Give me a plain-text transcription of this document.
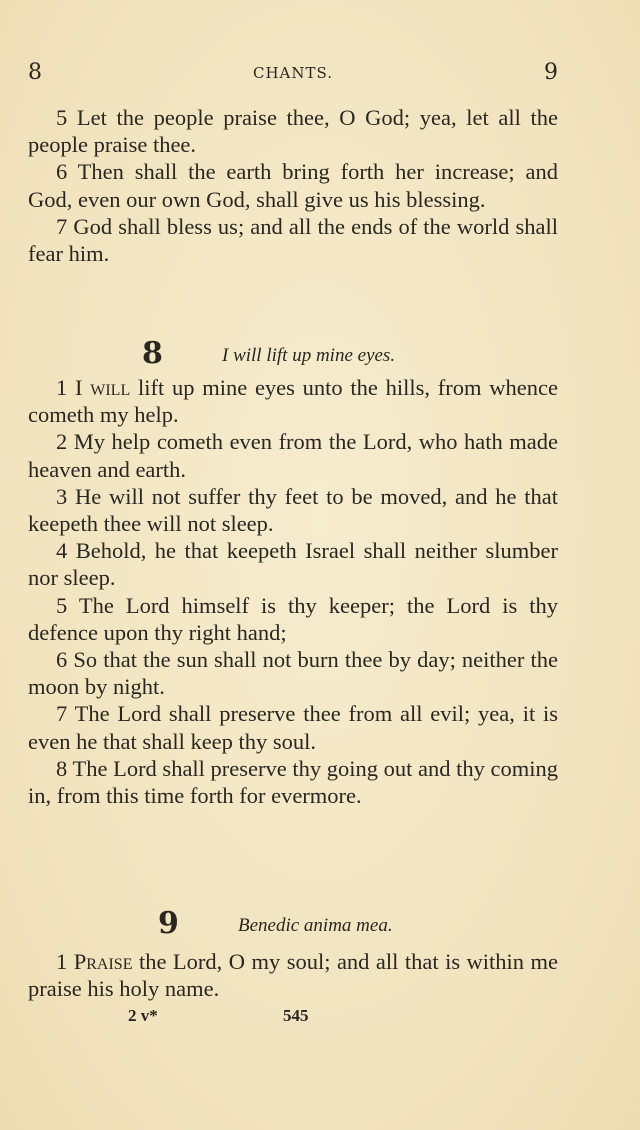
8	CHANTS.	9

5 Let the people praise thee, O God; yea, let all the people praise thee.

6 Then shall the earth bring forth her increase; and God, even our own God, shall give us his blessing.

7 God shall bless us; and all the ends of the world shall fear him.

8	I will lift up mine eyes.

1 I will lift up mine eyes unto the hills, from whence cometh my help.

2 My help cometh even from the Lord, who hath made heaven and earth.

3 He will not suffer thy feet to be moved, and he that keepeth thee will not sleep.

4 Behold, he that keepeth Israel shall neither slumber nor sleep.

5 The Lord himself is thy keeper; the Lord is thy defence upon thy right hand;

6 So that the sun shall not burn thee by day; neither the moon by night.

7 The Lord shall preserve thee from all evil; yea, it is even he that shall keep thy soul.

8 The Lord shall preserve thy going out and thy coming in, from this time forth for evermore.

9	Benedic anima mea.

1 Praise the Lord, O my soul; and all that is within me praise his holy name.

2 v*	545
